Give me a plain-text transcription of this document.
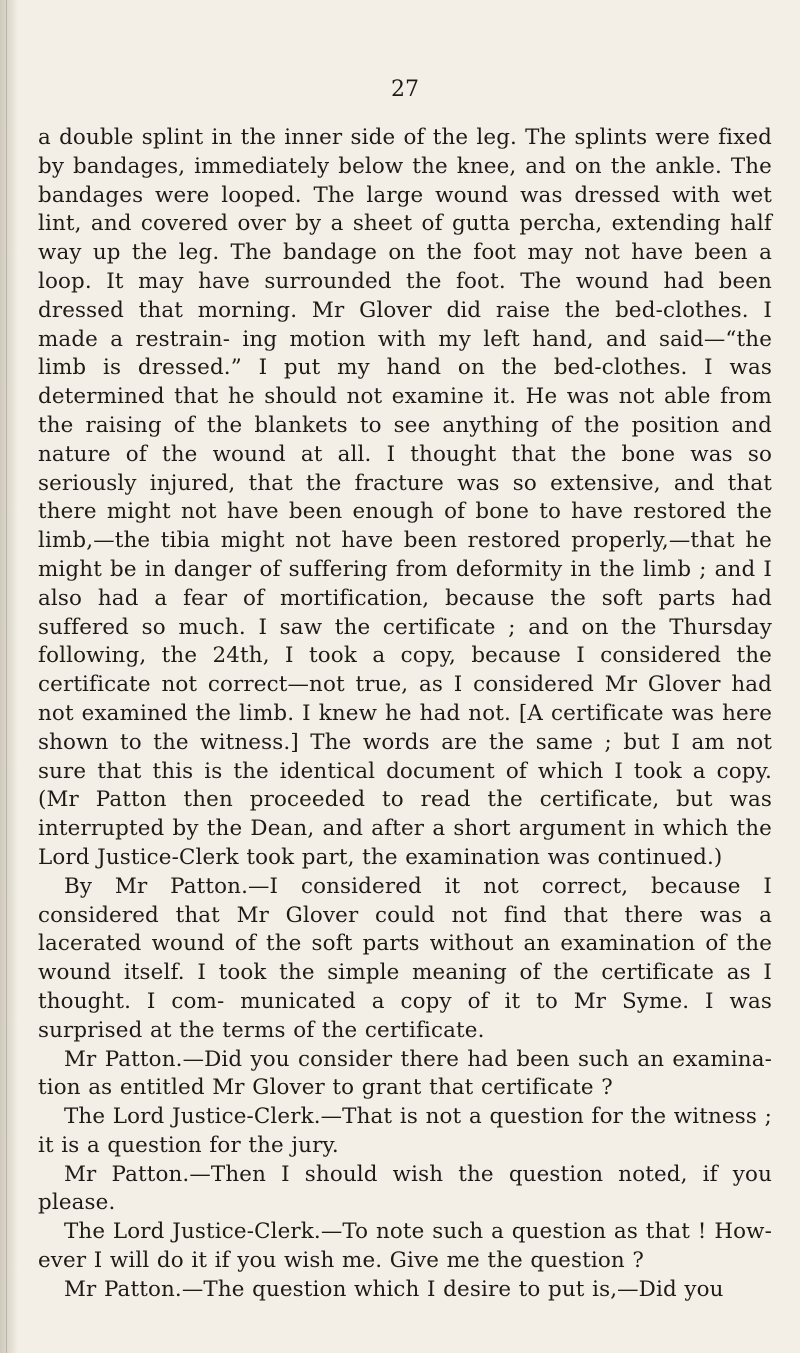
27

a double splint in the inner side of the leg. The splints were fixed by bandages, immediately below the knee, and on the ankle. The bandages were looped. The large wound was dressed with wet lint, and covered over by a sheet of gutta percha, extending half way up the leg. The bandage on the foot may not have been a loop. It may have surrounded the foot. The wound had been dressed that morning. Mr Glover did raise the bed-clothes. I made a restrain- ing motion with my left hand, and said—“the limb is dressed.” I put my hand on the bed-clothes. I was determined that he should not examine it. He was not able from the raising of the blankets to see anything of the position and nature of the wound at all. I thought that the bone was so seriously injured, that the fracture was so extensive, and that there might not have been enough of bone to have restored the limb,—the tibia might not have been restored properly,—that he might be in danger of suffering from deformity in the limb ; and I also had a fear of mortification, because the soft parts had suffered so much. I saw the certificate ; and on the Thursday following, the 24th, I took a copy, because I considered the certificate not correct—not true, as I considered Mr Glover had not examined the limb. I knew he had not. [A certificate was here shown to the witness.] The words are the same ; but I am not sure that this is the identical document of which I took a copy. (Mr Patton then proceeded to read the certificate, but was interrupted by the Dean, and after a short argument in which the Lord Justice-Clerk took part, the examination was continued.)

By Mr Patton.—I considered it not correct, because I considered that Mr Glover could not find that there was a lacerated wound of the soft parts without an examination of the wound itself. I took the simple meaning of the certificate as I thought. I com- municated a copy of it to Mr Syme. I was surprised at the terms of the certificate.

Mr Patton.—Did you consider there had been such an examina- tion as entitled Mr Glover to grant that certificate ?

The Lord Justice-Clerk.—That is not a question for the witness ; it is a question for the jury.

Mr Patton.—Then I should wish the question noted, if you please.

The Lord Justice-Clerk.—To note such a question as that ! How- ever I will do it if you wish me. Give me the question ?

Mr Patton.—The question which I desire to put is,—Did you
